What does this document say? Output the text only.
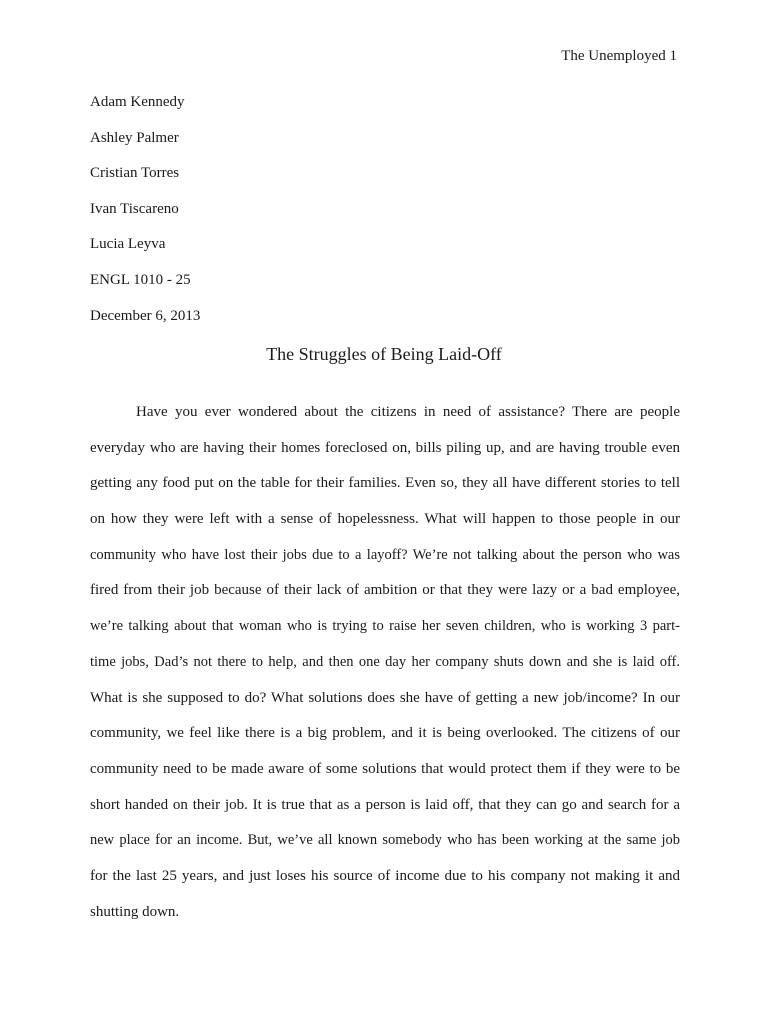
The Unemployed 1
Adam Kennedy
Ashley Palmer
Cristian Torres
Ivan Tiscareno
Lucia Leyva
ENGL 1010 - 25
December 6, 2013
The Struggles of Being Laid-Off
Have you ever wondered about the citizens in need of assistance? There are people
everyday who are having their homes foreclosed on, bills piling up, and are having trouble even
getting any food put on the table for their families. Even so, they all have different stories to tell
on how they were left with a sense of hopelessness. What will happen to those people in our
community who have lost their jobs due to a layoff? We’re not talking about the person who was
fired from their job because of their lack of ambition or that they were lazy or a bad employee,
we’re talking about that woman who is trying to raise her seven children, who is working 3 part-
time jobs, Dad’s not there to help, and then one day her company shuts down and she is laid off.
What is she supposed to do? What solutions does she have of getting a new job/income? In our
community, we feel like there is a big problem, and it is being overlooked. The citizens of our
community need to be made aware of some solutions that would protect them if they were to be
short handed on their job. It is true that as a person is laid off, that they can go and search for a
new place for an income. But, we’ve all known somebody who has been working at the same job
for the last 25 years, and just loses his source of income due to his company not making it and
shutting down.
